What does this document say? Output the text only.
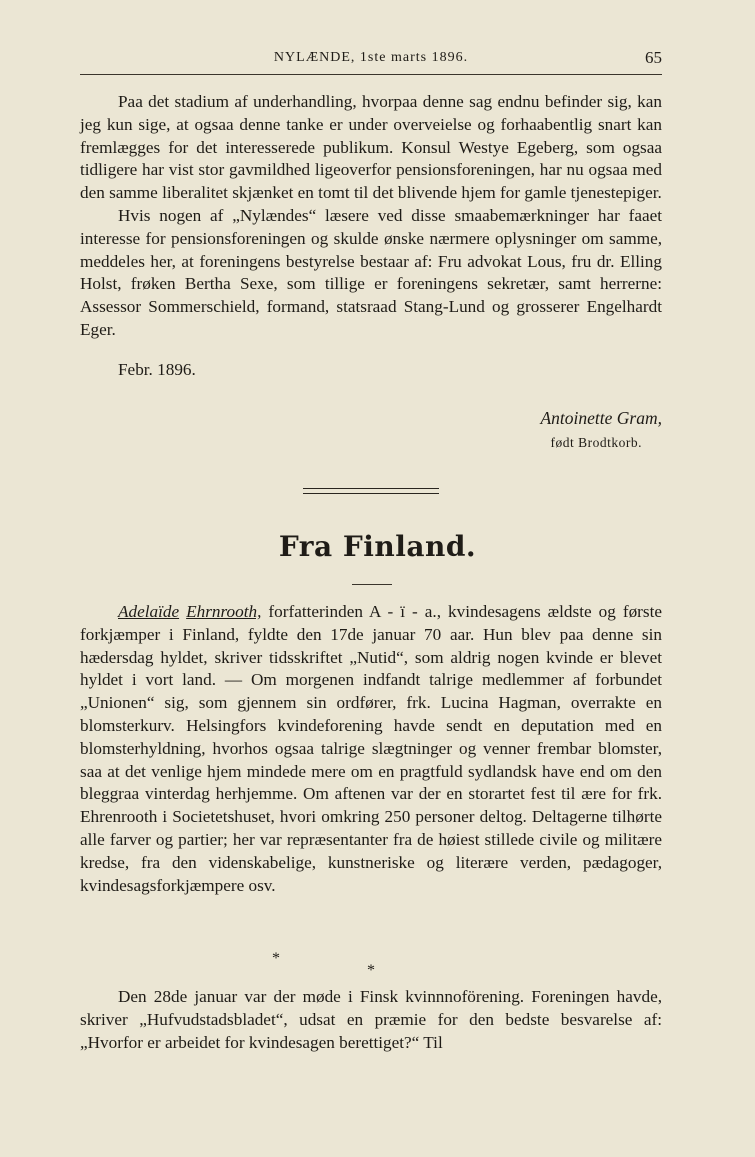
NYLÆNDE, 1ste marts 1896.	65

Paa det stadium af underhandling, hvorpaa denne sag endnu befinder sig, kan jeg kun sige, at ogsaa denne tanke er under overveielse og forhaabentlig snart kan fremlægges for det interesserede publikum. Konsul Westye Egeberg, som ogsaa tidligere har vist stor gavmildhed ligeoverfor pensionsforeningen, har nu ogsaa med den samme liberalitet skjænket en tomt til det blivende hjem for gamle tjenestepiger.

Hvis nogen af „Nylændes“ læsere ved disse smaabemærkninger har faaet interesse for pensionsforeningen og skulde ønske nærmere oplysninger om samme, meddeles her, at foreningens bestyrelse bestaar af: Fru advokat Lous, fru dr. Elling Holst, frøken Bertha Sexe, som tillige er foreningens sekretær, samt herrerne: Assessor Sommerschield, formand, statsraad Stang-Lund og grosserer Engelhardt Eger.

Febr. 1896.
Antoinette Gram,
født Brodtkorb.
Fra Finland.

Adelaïde Ehrnrooth, forfatterinden A - ï - a., kvindesagens ældste og første forkjæmper i Finland, fyldte den 17de januar 70 aar. Hun blev paa denne sin hædersdag hyldet, skriver tidsskriftet „Nutid“, som aldrig nogen kvinde er blevet hyldet i vort land. — Om morgenen indfandt talrige medlemmer af forbundet „Unionen“ sig, som gjennem sin ordfører, frk. Lucina Hagman, overrakte en blomsterkurv. Helsingfors kvindeforening havde sendt en deputation med en blomsterhyldning, hvorhos ogsaa talrige slægtninger og venner frembar blomster, saa at det venlige hjem mindede mere om en pragtfuld sydlandsk have end om den bleggraa vinterdag herhjemme. Om aftenen var der en storartet fest til ære for frk. Ehrenrooth i Societetshuset, hvori omkring 250 personer deltog. Deltagerne tilhørte alle farver og partier; her var repræsentanter fra de høiest stillede civile og militære kredse, fra den videnskabelige, kunstneriske og literære verden, pædagoger, kvindesagsforkjæmpere osv.

*
*

Den 28de januar var der møde i Finsk kvinnnoförening. Foreningen havde, skriver „Hufvudstadsbladet“, udsat en præmie for den bedste besvarelse af: „Hvorfor er arbeidet for kvindesagen berettiget?“ Til
